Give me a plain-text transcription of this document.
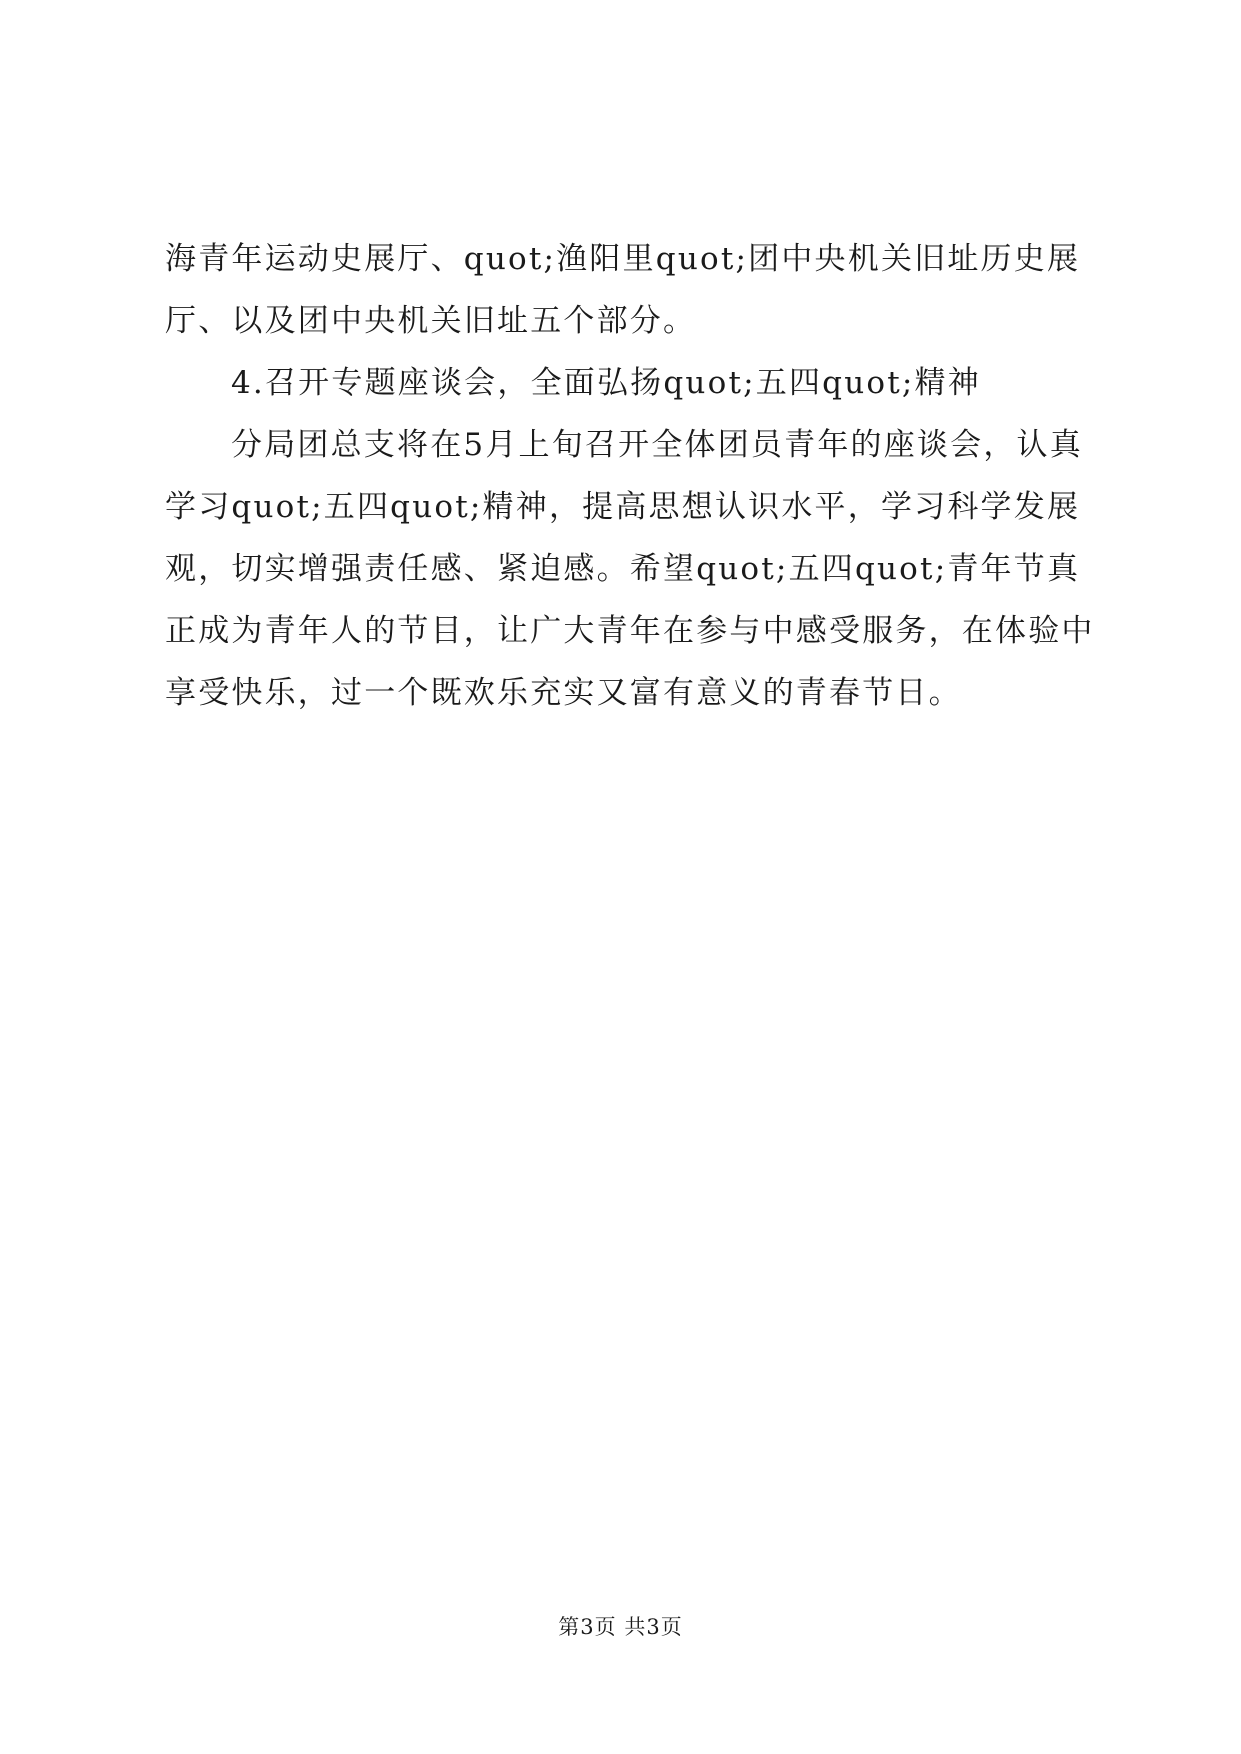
海青年运动史展厅、quot;渔阳里quot;团中央机关旧址历史展
厅、以及团中央机关旧址五个部分。
4.召开专题座谈会，全面弘扬quot;五四quot;精神
分局团总支将在5月上旬召开全体团员青年的座谈会，认真
学习quot;五四quot;精神，提高思想认识水平，学习科学发展
观，切实增强责任感、紧迫感。希望quot;五四quot;青年节真
正成为青年人的节目，让广大青年在参与中感受服务，在体验中
享受快乐，过一个既欢乐充实又富有意义的青春节日。
第3页 共3页
